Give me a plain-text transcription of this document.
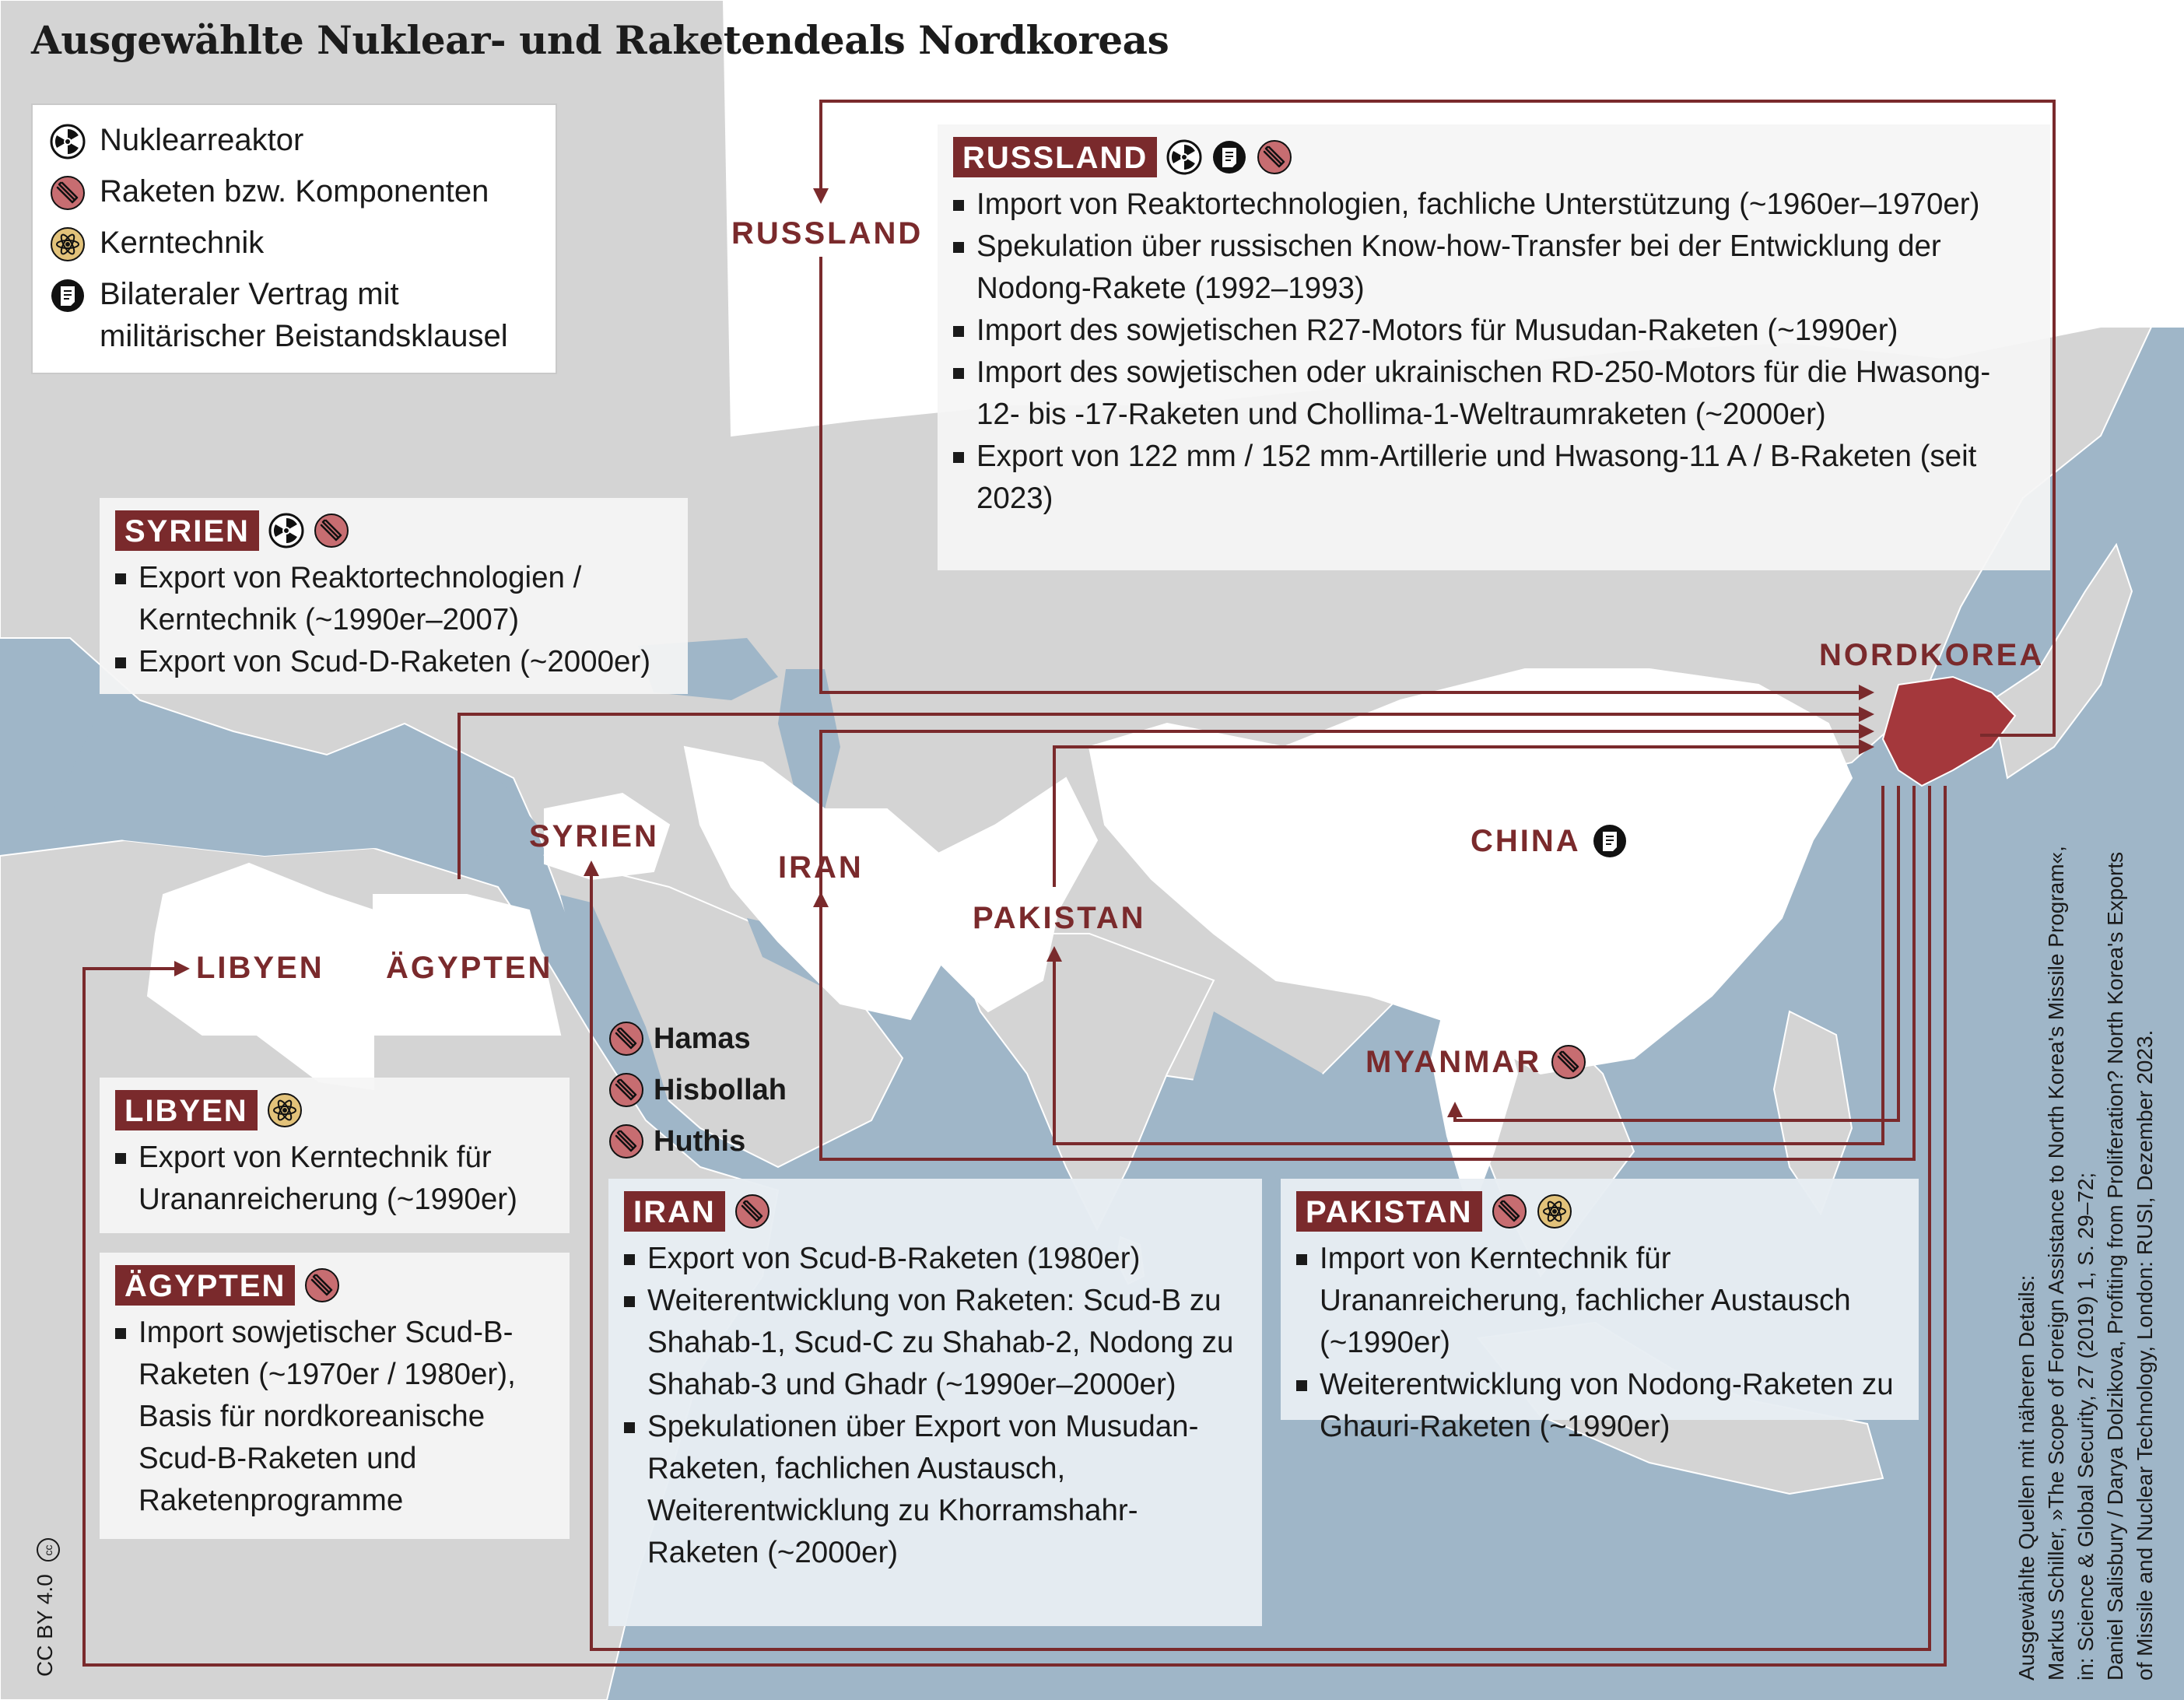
Ausgewählte Nuklear- und Raketendeals Nordkoreas
Nuklearreaktor
Raketen bzw. Komponenten
Kerntechnik
Bilateraler Vertrag mit militärischer Beistandsklausel
RUSSLAND
NORDKOREA
CHINA
SYRIEN
IRAN
PAKISTAN
LIBYEN ÄGYPTEN
MYANMAR
Hamas
Hisbollah
Huthis
RUSSLAND
Import von Reaktortechnologien, fachliche Unterstützung (~1960er–1970er)
Spekulation über russischen Know-how-Transfer bei der Entwicklung der Nodong-Rakete (1992–1993)
Import des sowjetischen R27-Motors für Musudan-Raketen (~1990er)
Import des sowjetischen oder ukrainischen RD-250-Motors für die Hwasong-12- bis -17-Raketen und Chollima-1-Weltraumraketen (~2000er)
Export von 122 mm / 152 mm-Artillerie und Hwasong-11 A / B-Raketen (seit 2023)
SYRIEN
Export von Reaktortechnologien / Kerntechnik (~1990er–2007)
Export von Scud-D-Raketen (~2000er)
LIBYEN
Export von Kerntechnik für Urananreicherung (~1990er)
ÄGYPTEN
Import sowjetischer Scud-B-Raketen (~1970er / 1980er), Basis für nordkoreanische Scud-B-Raketen und Raketenprogramme
IRAN
Export von Scud-B-Raketen (1980er)
Weiterentwicklung von Raketen: Scud-B zu Shahab-1, Scud-C zu Shahab-2, Nodong zu Shahab-3 und Ghadr (~1990er–2000er)
Spekulationen über Export von Musudan-Raketen, fachlichen Austausch, Weiterentwicklung zu Khorramshahr-Raketen (~2000er)
PAKISTAN
Import von Kerntechnik für Urananreicherung, fachlicher Austausch (~1990er)
Weiterentwicklung von Nodong-Raketen zu Ghauri-Raketen (~1990er)	Ausgewählte Quellen mit näheren Details: Markus Schiller, »The Scope of Foreign Assistance to North Korea's Missile Program«, in: Science & Global Security, 27 (2019) 1, S. 29–72; Daniel Salisbury / Darya Dolzikova, Profiting from Proliferation? North Korea's Exports of Missile and Nuclear Technology, London: RUSI, Dezember 2023.
CC BY 4.0 cc
